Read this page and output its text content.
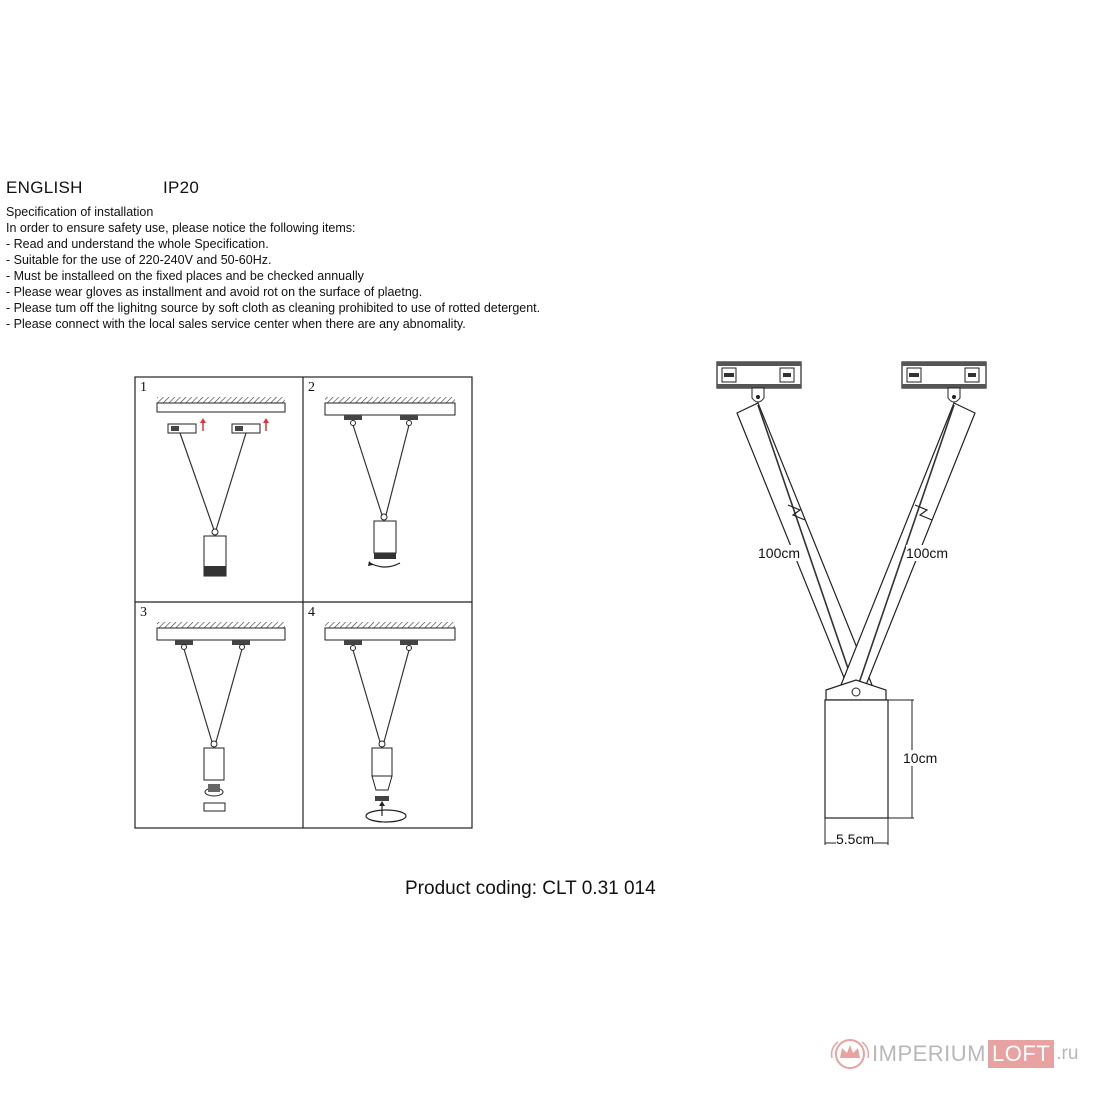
ENGLISH	IP20
Specification of installation
In order to ensure safety use, please notice the following items:
- Read and understand the whole Specification.
- Suitable for the use of 220-240V and 50-60Hz.
- Must be installeed on the fixed places and be checked annually
- Please wear gloves as installment and avoid rot on the surface of plaetng.
- Please tum off the lighitng source by soft cloth as cleaning prohibited to use of rotted detergent.
- Please connect with the local sales service center when there are any abnomality.
1	2
3	4
100cm	100cm
10cm
5.5cm
Product coding: CLT 0.31 014
IMPERIUM LOFT .ru
